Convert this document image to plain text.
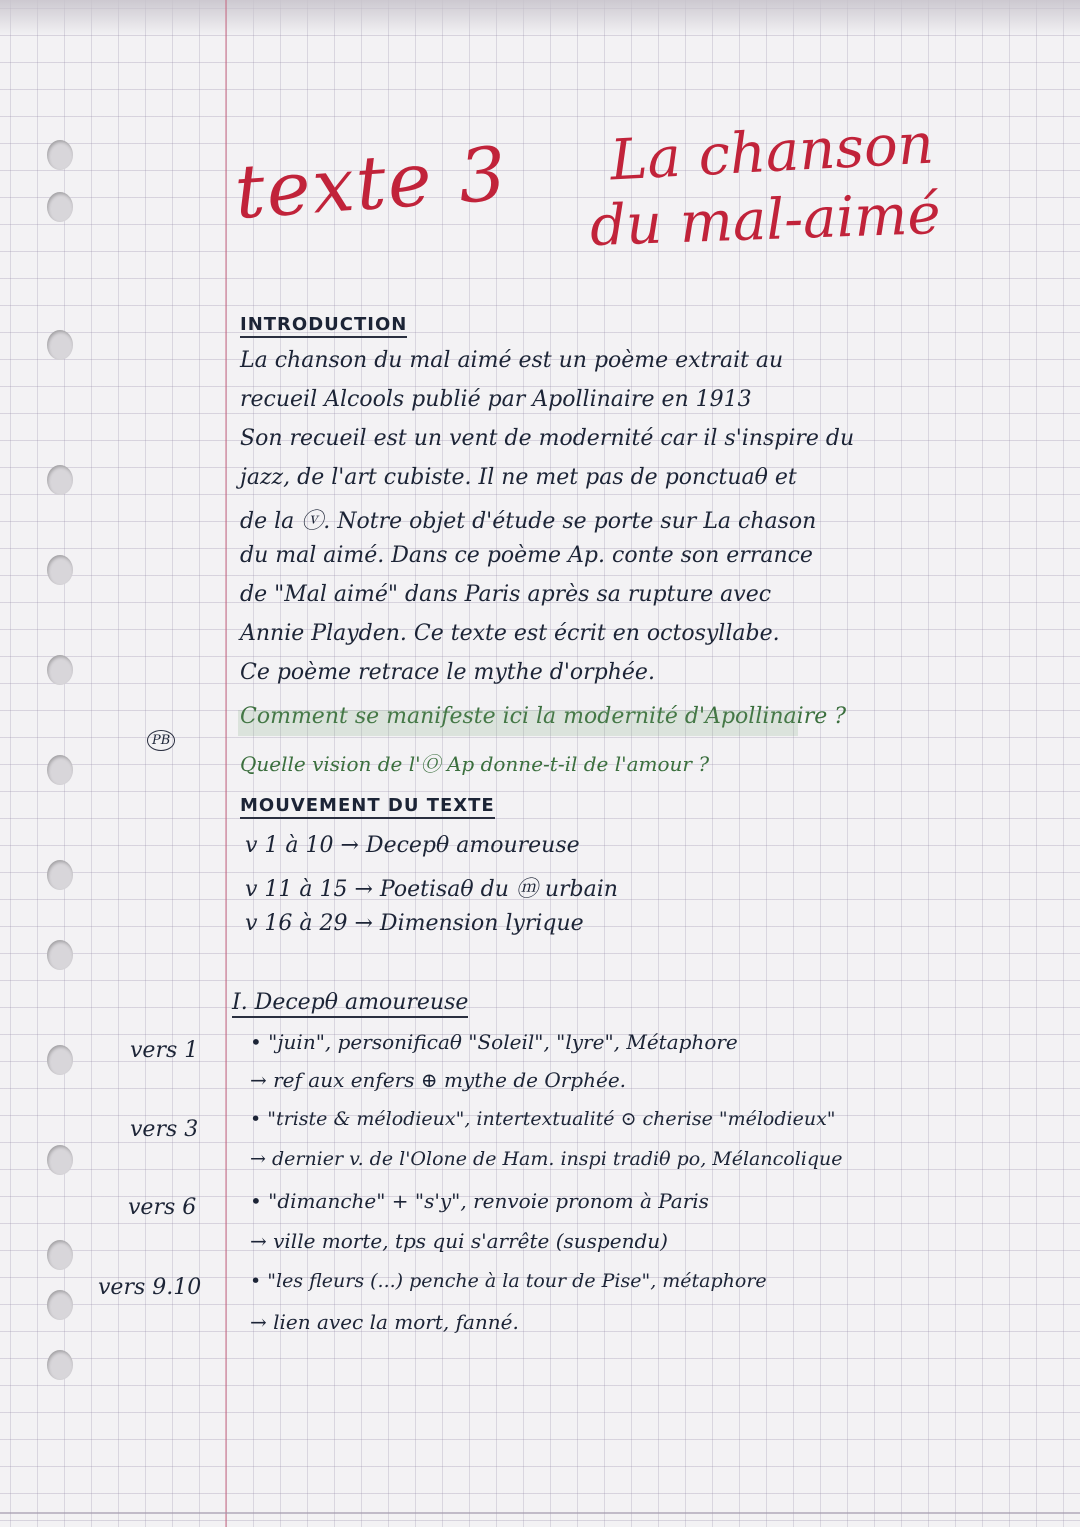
texte 3 La chanson
du mal-aimé
INTRODUCTION
La chanson du mal aimé est un poème extrait au
recueil Alcools publié par Apollinaire en 1913
Son recueil est un vent de modernité car il s'inspire du
jazz, de l'art cubiste. Il ne met pas de ponctuaθ et
de la ⓥ. Notre objet d'étude se porte sur La chason
du mal aimé. Dans ce poème Ap. conte son errance
de "Mal aimé" dans Paris après sa rupture avec
Annie Playden. Ce texte est écrit en octosyllabe.
Ce poème retrace le mythe d'orphée.
PB
Comment se manifeste ici la modernité d'Apollinaire ?
Quelle vision de l'Ⓞ Ap donne-t-il de l'amour ?
MOUVEMENT DU TEXTE
v 1 à 10 → Decepθ amoureuse
v 11 à 15 → Poetisaθ du ⓜ urbain
v 16 à 29 → Dimension lyrique
I. Decepθ amoureuse
vers 1
vers 3
vers 6
vers 9.10
• "juin", personificaθ "Soleil", "lyre", Métaphore
→ ref aux enfers ⊕ mythe de Orphée.
• "triste & mélodieux", intertextualité ⊙ cherise "mélodieux"
→ dernier v. de l'Olone de Ham. inspi tradiθ po, Mélancolique
• "dimanche" + "s'y", renvoie pronom à Paris
→ ville morte, tps qui s'arrête (suspendu)
• "les fleurs (...) penche à la tour de Pise", métaphore
→ lien avec la mort, fanné.
